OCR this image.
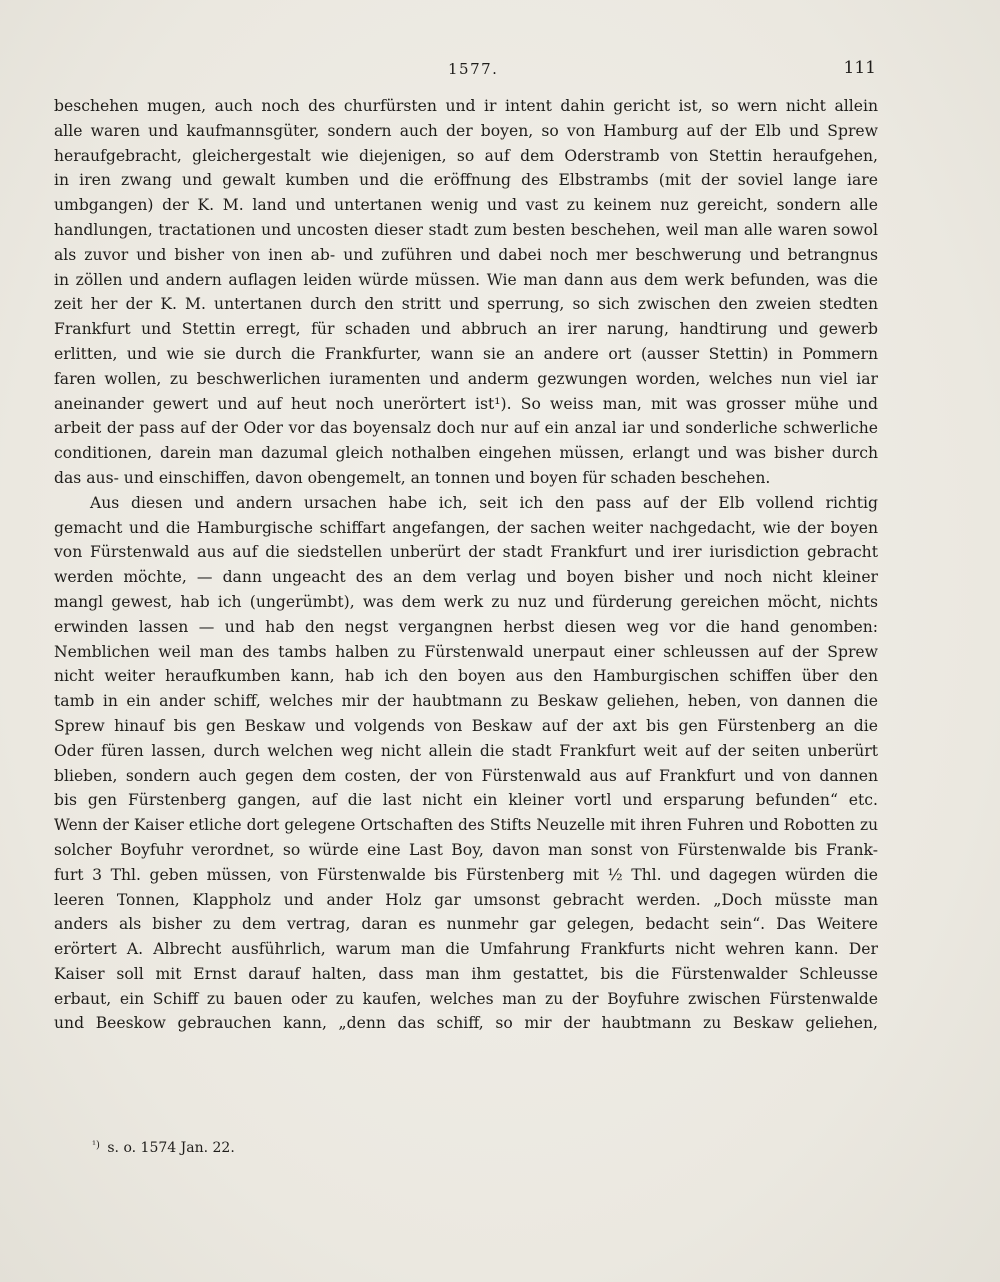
1577.	111
beschehen mugen, auch noch des churfürsten und ir intent dahin gericht ist, so wern nicht allein
alle waren und kaufmannsgüter, sondern auch der boyen, so von Hamburg auf der Elb und Sprew
heraufgebracht, gleichergestalt wie diejenigen, so auf dem Oderstramb von Stettin heraufgehen,
in iren zwang und gewalt kumben und die eröffnung des Elbstrambs (mit der soviel lange iare
umbgangen) der K. M. land und untertanen wenig und vast zu keinem nuz gereicht, sondern alle
handlungen, tractationen und uncosten dieser stadt zum besten beschehen, weil man alle waren sowol
als zuvor und bisher von inen ab- und zuführen und dabei noch mer beschwerung und betrangnus
in zöllen und andern auflagen leiden würde müssen. Wie man dann aus dem werk befunden, was die
zeit her der K. M. untertanen durch den stritt und sperrung, so sich zwischen den zweien stedten
Frankfurt und Stettin erregt, für schaden und abbruch an irer narung, handtirung und gewerb
erlitten, und wie sie durch die Frankfurter, wann sie an andere ort (ausser Stettin) in Pommern
faren wollen, zu beschwerlichen iuramenten und anderm gezwungen worden, welches nun viel iar
aneinander gewert und auf heut noch unerörtert ist¹). So weiss man, mit was grosser mühe und
arbeit der pass auf der Oder vor das boyensalz doch nur auf ein anzal iar und sonderliche schwerliche
conditionen, darein man dazumal gleich nothalben eingehen müssen, erlangt und was bisher durch
das aus- und einschiffen, davon obengemelt, an tonnen und boyen für schaden beschehen.
Aus diesen und andern ursachen habe ich, seit ich den pass auf der Elb vollend richtig
gemacht und die Hamburgische schiffart angefangen, der sachen weiter nachgedacht, wie der boyen
von Fürstenwald aus auf die siedstellen unberürt der stadt Frankfurt und irer iurisdiction gebracht
werden möchte, — dann ungeacht des an dem verlag und boyen bisher und noch nicht kleiner
mangl gewest, hab ich (ungerümbt), was dem werk zu nuz und fürderung gereichen möcht, nichts
erwinden lassen — und hab den negst vergangnen herbst diesen weg vor die hand genomben:
Nemblichen weil man des tambs halben zu Fürstenwald unerpaut einer schleussen auf der Sprew
nicht weiter heraufkumben kann, hab ich den boyen aus den Hamburgischen schiffen über den
tamb in ein ander schiff, welches mir der haubtmann zu Beskaw geliehen, heben, von dannen die
Sprew hinauf bis gen Beskaw und volgends von Beskaw auf der axt bis gen Fürstenberg an die
Oder füren lassen, durch welchen weg nicht allein die stadt Frankfurt weit auf der seiten unberürt
blieben, sondern auch gegen dem costen, der von Fürstenwald aus auf Frankfurt und von dannen
bis gen Fürstenberg gangen, auf die last nicht ein kleiner vortl und ersparung befunden“ etc.
Wenn der Kaiser etliche dort gelegene Ortschaften des Stifts Neuzelle mit ihren Fuhren und Robotten zu
solcher Boyfuhr verordnet, so würde eine Last Boy, davon man sonst von Fürstenwalde bis Frank-
furt 3 Thl. geben müssen, von Fürstenwalde bis Fürstenberg mit ½ Thl. und dagegen würden die
leeren Tonnen, Klappholz und ander Holz gar umsonst gebracht werden. „Doch müsste man
anders als bisher zu dem vertrag, daran es nunmehr gar gelegen, bedacht sein“. Das Weitere
erörtert A. Albrecht ausführlich, warum man die Umfahrung Frankfurts nicht wehren kann. Der
Kaiser soll mit Ernst darauf halten, dass man ihm gestattet, bis die Fürstenwalder Schleusse
erbaut, ein Schiff zu bauen oder zu kaufen, welches man zu der Boyfuhre zwischen Fürstenwalde
und Beeskow gebrauchen kann, „denn das schiff, so mir der haubtmann zu Beskaw geliehen,
$^{^1)}$ s. o. 1574 Jan. 22.
